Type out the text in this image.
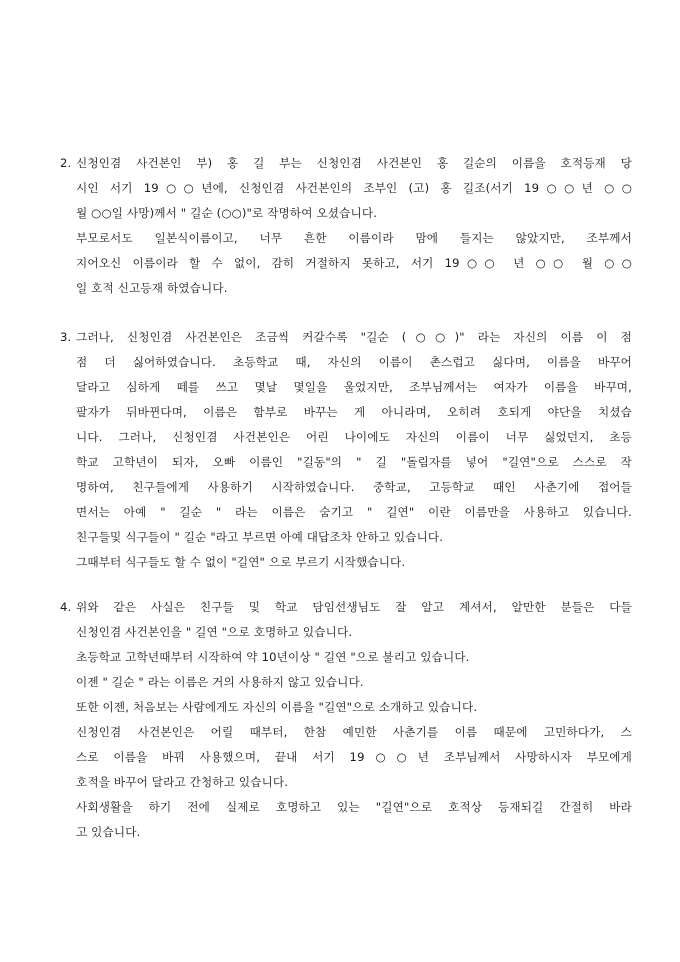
2. 신청인겸 사건본인 부) 홍 길 부는 신청인겸 사건본인 홍 길순의 이름을 호적등재 당
시인 서기 19○○년에, 신청인겸 사건본인의 조부인 (고) 홍 길조(서기 19○○년 ○○
월 ○○일 사망)께서 " 길순 (○○)"로 작명하여 오셨습니다.
부모로서도 일본식이름이고, 너무 흔한 이름이라 맘에 들지는 않았지만, 조부께서
지어오신 이름이라 할 수 없이, 감히 거절하지 못하고, 서기 19○○ 년 ○○ 월 ○○
일 호적 신고등재 하였습니다.
3. 그러나, 신청인겸 사건본인은 조금씩 커갈수록 "길순 (○○)" 라는 자신의 이름 이 점
점 더 싫어하였습니다. 초등학교 때, 자신의 이름이 촌스럽고 싫다며, 이름을 바꾸어
달라고 심하게 떼를 쓰고 몇날 몇일을 울었지만, 조부님께서는 여자가 이름을 바꾸며,
팔자가 뒤바뀐다며, 이름은 함부로 바꾸는 게 아니라며, 오히려 호되게 야단을 치셨습
니다. 그러나, 신청인겸 사건본인은 어린 나이에도 자신의 이름이 너무 싫었던지, 초등
학교 고학년이 되자, 오빠 이름인 "길동"의 " 길 "돌림자를 넣어 "길연"으로 스스로 작
명하여, 친구들에게 사용하기 시작하였습니다. 중학교, 고등학교 때인 사춘기에 접어들
면서는 아예 " 길순 " 라는 이름은 숨기고 " 길연" 이란 이름만을 사용하고 있습니다.
친구들및 식구들이 " 길순 "라고 부르면 아예 대답조차 안하고 있습니다.
그때부터 식구들도 할 수 없이 "길연" 으로 부르기 시작했습니다.
4. 위와 같은 사실은 친구들 및 학교 담임선생님도 잘 알고 계셔서, 알만한 분들은 다들
신청인겸 사건본인을 " 길연 "으로 호명하고 있습니다.
초등학교 고학년때부터 시작하여 약 10년이상 " 길연 "으로 불리고 있습니다.
이젠 " 길순 " 라는 이름은 거의 사용하지 않고 있습니다.
또한 이젠, 처음보는 사람에게도 자신의 이름을 "길연"으로 소개하고 있습니다.
신청인겸 사건본인은 어릴 때부터, 한참 예민한 사춘기를 이름 때문에 고민하다가, 스
스로 이름을 바꿔 사용했으며, 끝내 서기 19○○년 조부님께서 사망하시자 부모에게
호적을 바꾸어 달라고 간청하고 있습니다.
사회생활을 하기 전에 실제로 호명하고 있는 "길연"으로 호적상 등재되길 간절히 바라
고 있습니다.
